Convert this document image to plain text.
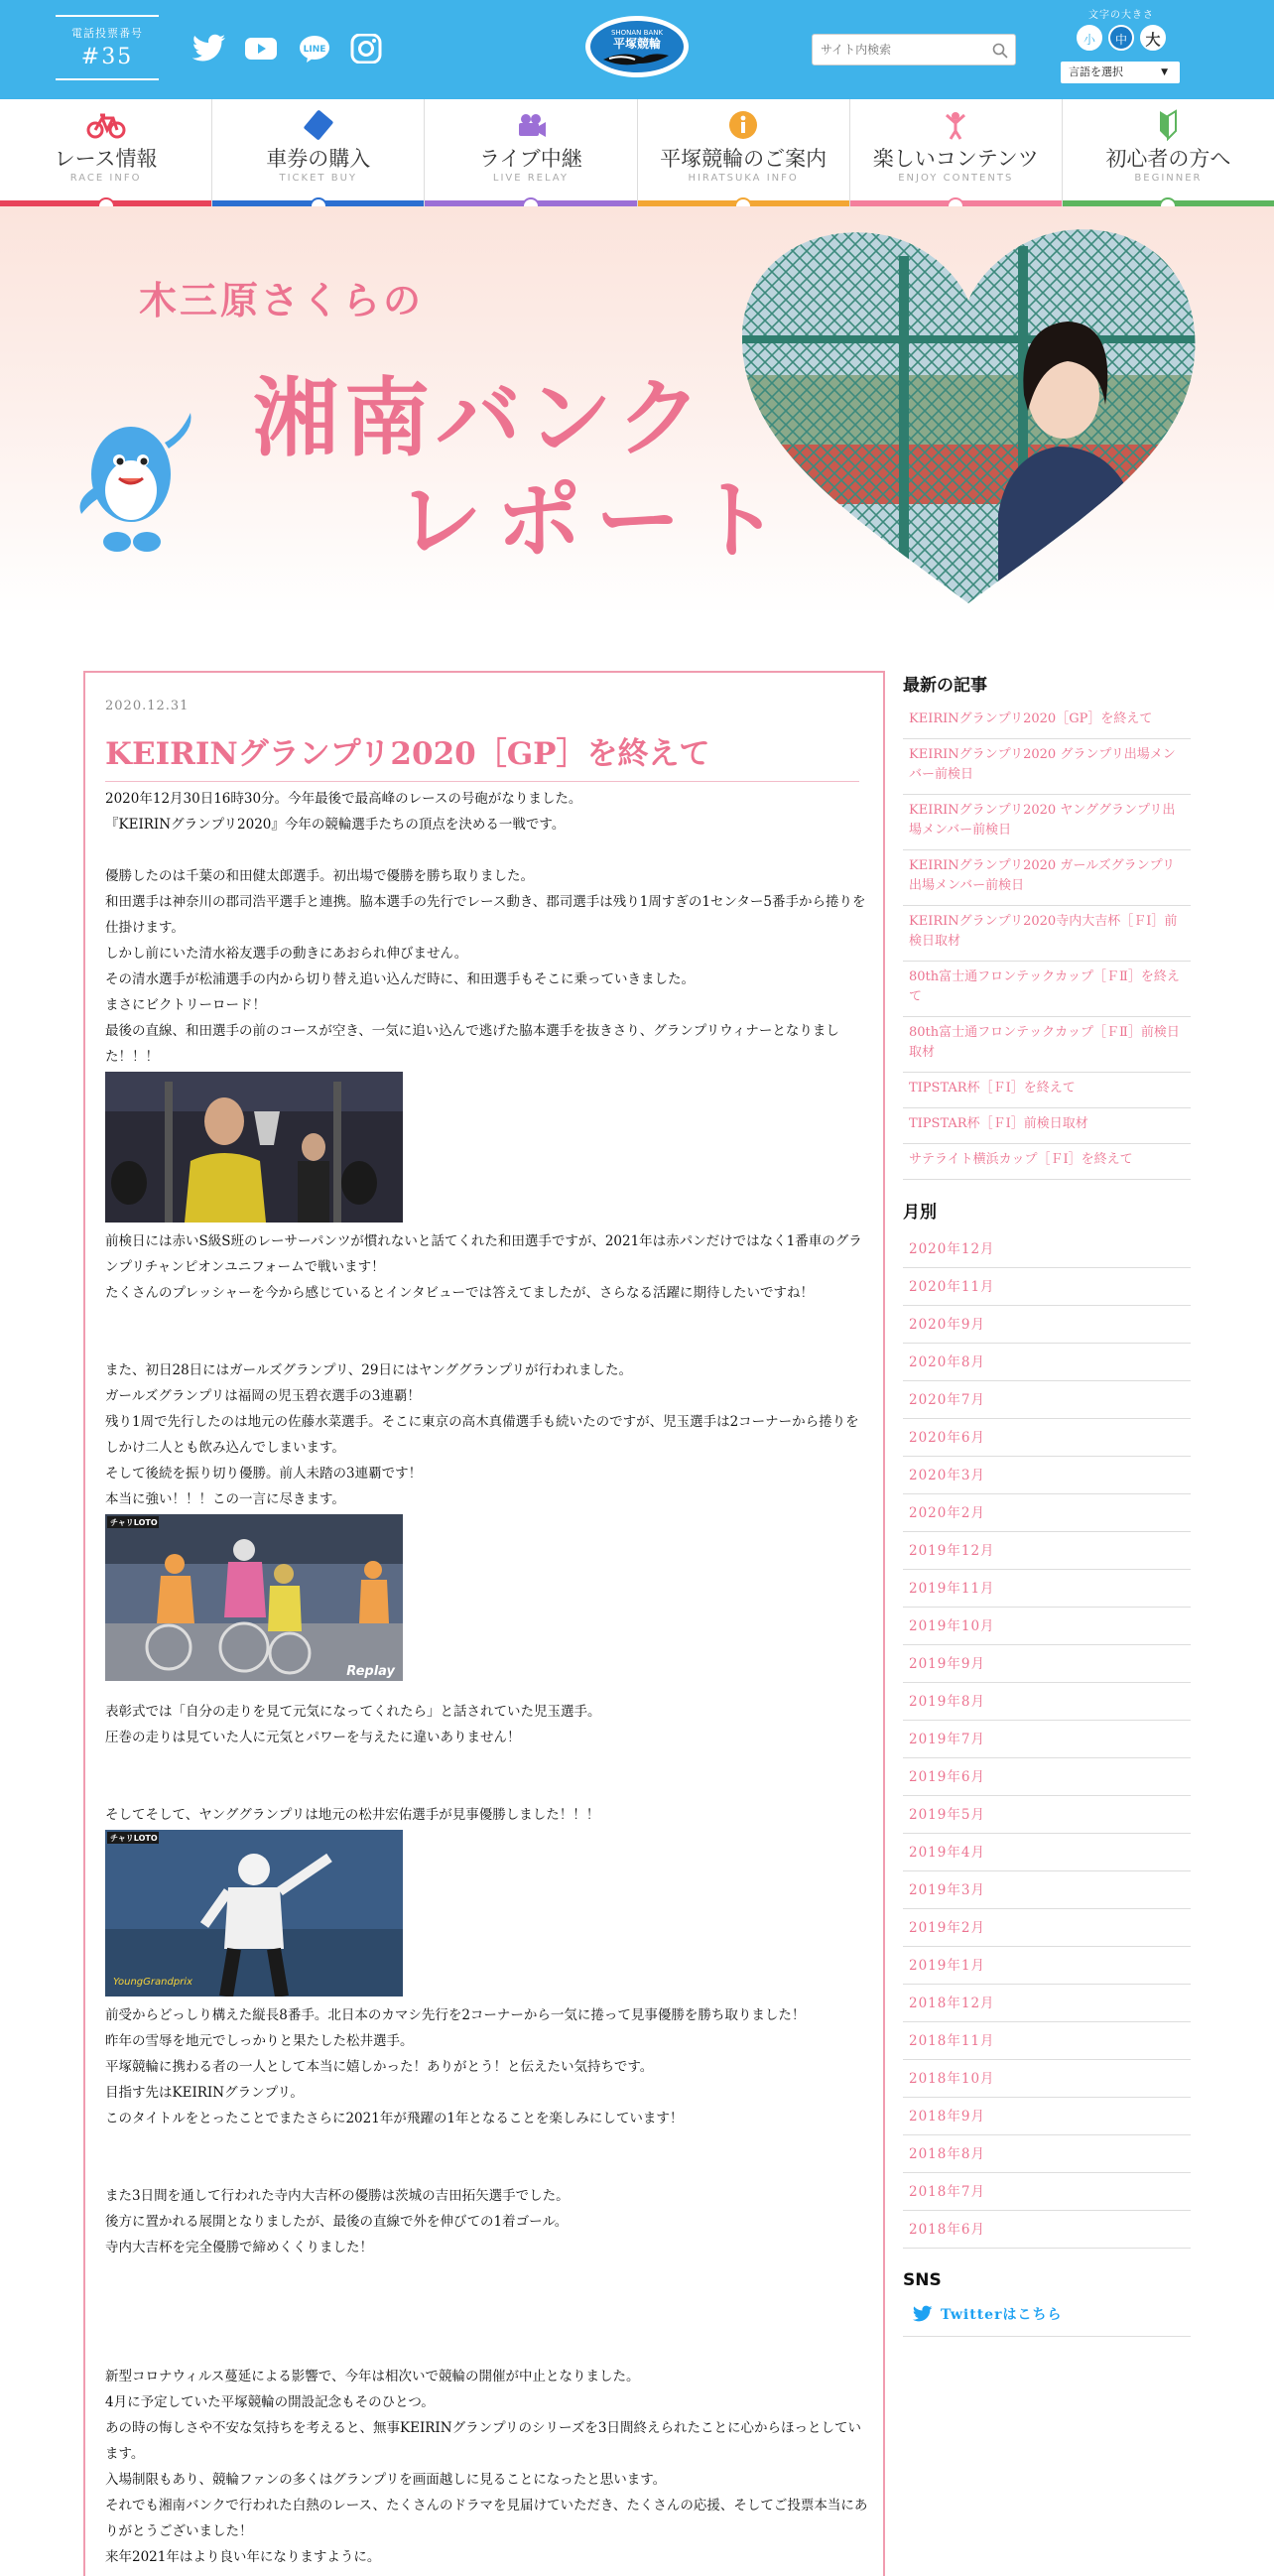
電話投票番号
#35	LINE
SHONAN BANK
平塚競輪
サイト内検索
文字の大きさ
小	中	大
言語を選択	▼
レース情報
RACE INFO
車券の購入
TICKET BUY
ライブ中継
LIVE RELAY
平塚競輪のご案内
HIRATSUKA INFO
楽しいコンテンツ
ENJOY CONTENTS
初心者の方へ
BEGINNER
木三原さくらの
湘南バンク
レポート
2020.12.31
KEIRINグランプリ2020［GP］を終えて
2020年12月30日16時30分。今年最後で最高峰のレースの号砲がなりました。
『KEIRINグランプリ2020』今年の競輪選手たちの頂点を決める一戦です。
優勝したのは千葉の和田健太郎選手。初出場で優勝を勝ち取りました。
和田選手は神奈川の郡司浩平選手と連携。脇本選手の先行でレース動き、郡司選手は残り1周すぎの1センター5番手から捲りを仕掛けます。
しかし前にいた清水裕友選手の動きにあおられ伸びません。
その清水選手が松浦選手の内から切り替え追い込んだ時に、和田選手もそこに乗っていきました。
まさにビクトリーロード！
最後の直線、和田選手の前のコースが空き、一気に追い込んで逃げた脇本選手を抜きさり、グランプリウィナーとなりました！！！
前検日には赤いS級S班のレーサーパンツが慣れないと話てくれた和田選手ですが、2021年は赤パンだけではなく1番車のグランプリチャンピオンユニフォームで戦います！
たくさんのプレッシャーを今から感じているとインタビューでは答えてましたが、さらなる活躍に期待したいですね！
また、初日28日にはガールズグランプリ、29日にはヤンググランプリが行われました。
ガールズグランプリは福岡の児玉碧衣選手の3連覇！
残り1周で先行したのは地元の佐藤水菜選手。そこに東京の高木真備選手も続いたのですが、児玉選手は2コーナーから捲りをしかけ二人とも飲み込んでしまいます。
そして後続を振り切り優勝。前人未踏の3連覇です！
本当に強い！！！この一言に尽きます。
チャリLOTO
Replay
表彰式では「自分の走りを見て元気になってくれたら」と話されていた児玉選手。
圧巻の走りは見ていた人に元気とパワーを与えたに違いありません！
そしてそして、ヤンググランプリは地元の松井宏佑選手が見事優勝しました！！！
チャリLOTO
YoungGrandprix
前受からどっしり構えた縦長8番手。北日本のカマシ先行を2コーナーから一気に捲って見事優勝を勝ち取りました！
昨年の雪辱を地元でしっかりと果たした松井選手。
平塚競輪に携わる者の一人として本当に嬉しかった！ありがとう！と伝えたい気持ちです。
目指す先はKEIRINグランプリ。
このタイトルをとったことでまたさらに2021年が飛躍の1年となることを楽しみにしています！
また3日間を通して行われた寺内大吉杯の優勝は茨城の吉田拓矢選手でした。
後方に置かれる展開となりましたが、最後の直線で外を伸びての1着ゴール。
寺内大吉杯を完全優勝で締めくくりました！
新型コロナウィルス蔓延による影響で、今年は相次いで競輪の開催が中止となりました。
4月に予定していた平塚競輪の開設記念もそのひとつ。
あの時の悔しさや不安な気持ちを考えると、無事KEIRINグランプリのシリーズを3日間終えられたことに心からほっとしています。
入場制限もあり、競輪ファンの多くはグランプリを画面越しに見ることになったと思います。
それでも湘南バンクで行われた白熱のレース、たくさんのドラマを見届けていただき、たくさんの応援、そしてご投票本当にありがとうございました！
来年2021年はより良い年になりますように。
最新の記事
KEIRINグランプリ2020［GP］を終えて
KEIRINグランプリ2020 グランプリ出場メンバー前検日
KEIRINグランプリ2020 ヤンググランプリ出場メンバー前検日
KEIRINグランプリ2020 ガールズグランプリ出場メンバー前検日
KEIRINグランプリ2020寺内大吉杯［ＦⅠ］前検日取材
80th富士通フロンテックカップ［ＦⅡ］を終えて
80th富士通フロンテックカップ［ＦⅡ］前検日取材
TIPSTAR杯［ＦⅠ］を終えて
TIPSTAR杯［ＦⅠ］前検日取材
サテライト横浜カップ［ＦⅠ］を終えて
月別
2020年12月
2020年11月
2020年9月
2020年8月
2020年7月
2020年6月
2020年3月
2020年2月
2019年12月
2019年11月
2019年10月
2019年9月
2019年8月
2019年7月
2019年6月
2019年5月
2019年4月
2019年3月
2019年2月
2019年1月
2018年12月
2018年11月
2018年10月
2018年9月
2018年8月
2018年7月
2018年6月
SNS
Twitterはこちら
